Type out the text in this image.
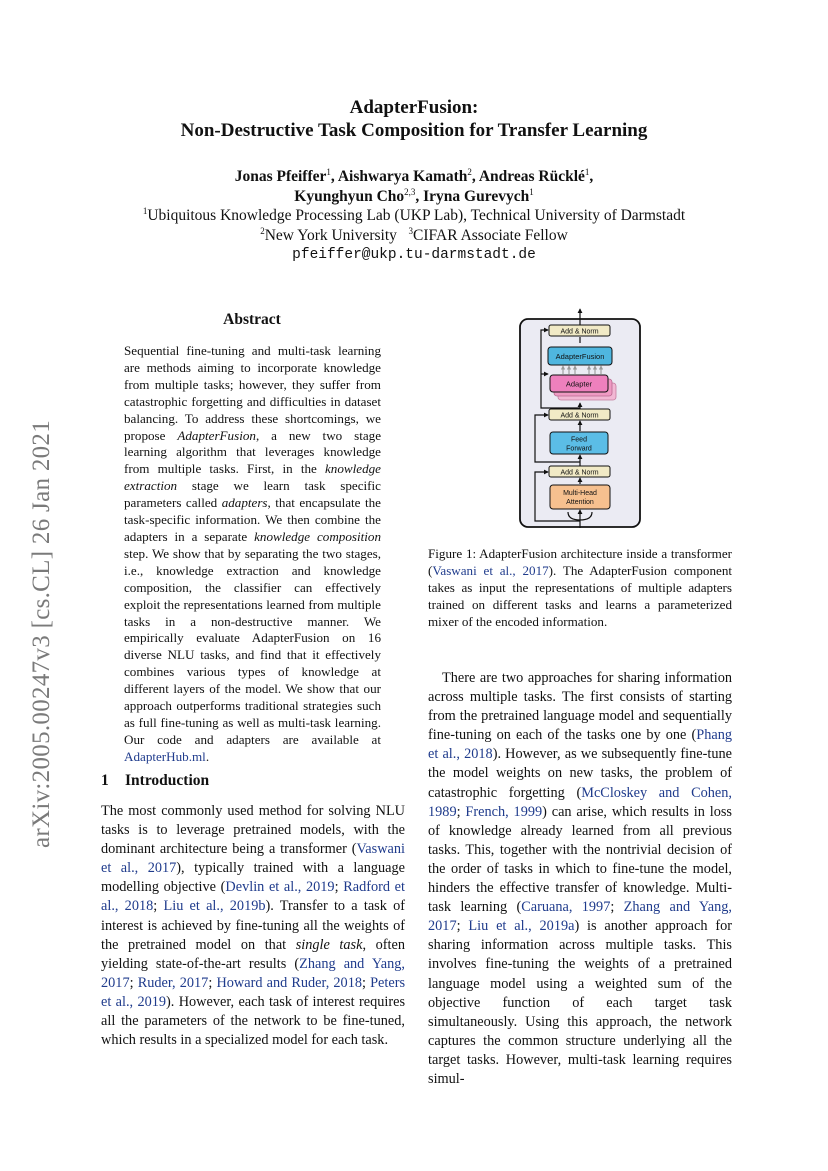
AdapterFusion:
Non-Destructive Task Composition for Transfer Learning
Jonas Pfeiffer$^1$, Aishwarya Kamath$^2$, Andreas Rücklé$^1$,
Kyunghyun Cho$^{2,3}$, Iryna Gurevych$^1$
$^1$Ubiquitous Knowledge Processing Lab (UKP Lab), Technical University of Darmstadt
$^2$New York University $^3$CIFAR Associate Fellow
pfeiffer@ukp.tu-darmstadt.de
arXiv:2005.00247v3 [cs.CL] 26 Jan 2021
Abstract
Sequential fine-tuning and multi-task learning are methods aiming to incorporate knowledge from multiple tasks; however, they suffer from catastrophic forgetting and difficulties in dataset balancing. To address these shortcomings, we propose AdapterFusion, a new two stage learning algorithm that leverages knowledge from multiple tasks. First, in the knowledge extraction stage we learn task specific parameters called adapters, that encapsulate the task-specific information. We then combine the adapters in a separate knowledge composition step. We show that by separating the two stages, i.e., knowledge extraction and knowledge composition, the classifier can effectively exploit the representations learned from multiple tasks in a non-destructive manner. We empirically evaluate AdapterFusion on 16 diverse NLU tasks, and find that it effectively combines various types of knowledge at different layers of the model. We show that our approach outperforms traditional strategies such as full fine-tuning as well as multi-task learning. Our code and adapters are available at AdapterHub.ml.
1 Introduction
The most commonly used method for solving NLU tasks is to leverage pretrained models, with the dominant architecture being a transformer (Vaswani et al., 2017), typically trained with a language modelling objective (Devlin et al., 2019; Radford et al., 2018; Liu et al., 2019b). Transfer to a task of interest is achieved by fine-tuning all the weights of the pretrained model on that single task, often yielding state-of-the-art results (Zhang and Yang, 2017; Ruder, 2017; Howard and Ruder, 2018; Peters et al., 2019). However, each task of interest requires all the parameters of the network to be fine-tuned, which results in a specialized model for each task.
Add & Norm
AdapterFusion
Adapter
Add & Norm
Feed
Forward
Add & Norm
Multi-Head
Attention
Figure 1: AdapterFusion architecture inside a transformer (Vaswani et al., 2017). The AdapterFusion component takes as input the representations of multiple adapters trained on different tasks and learns a parameterized mixer of the encoded information.
There are two approaches for sharing information across multiple tasks. The first consists of starting from the pretrained language model and sequentially fine-tuning on each of the tasks one by one (Phang et al., 2018). However, as we subsequently fine-tune the model weights on new tasks, the problem of catastrophic forgetting (McCloskey and Cohen, 1989; French, 1999) can arise, which results in loss of knowledge already learned from all previous tasks. This, together with the nontrivial decision of the order of tasks in which to fine-tune the model, hinders the effective transfer of knowledge. Multi-task learning (Caruana, 1997; Zhang and Yang, 2017; Liu et al., 2019a) is another approach for sharing information across multiple tasks. This involves fine-tuning the weights of a pretrained language model using a weighted sum of the objective function of each target task simultaneously. Using this approach, the network captures the common structure underlying all the target tasks. However, multi-task learning requires simul-
